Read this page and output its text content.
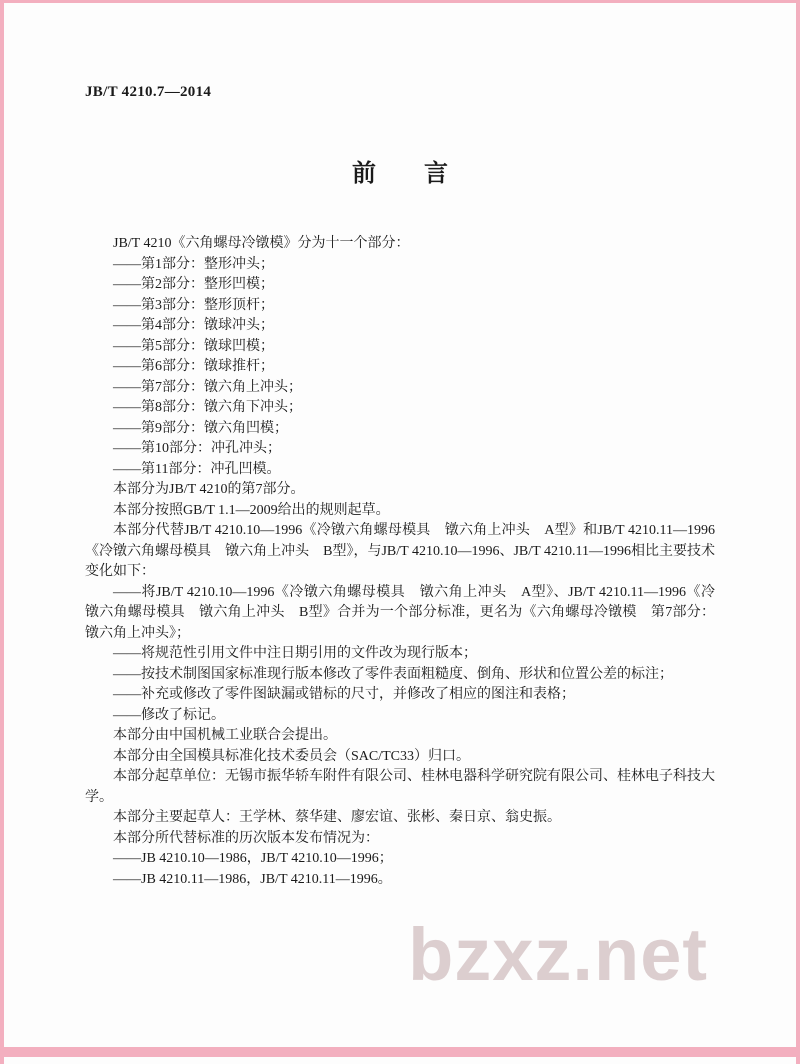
JB/T 4210.7—2014
前　　言

JB/T 4210《六角螺母冷镦模》分为十一个部分：

——第1部分：整形冲头；

——第2部分：整形凹模；

——第3部分：整形顶杆；

——第4部分：镦球冲头；

——第5部分：镦球凹模；

——第6部分：镦球推杆；

——第7部分：镦六角上冲头；

——第8部分：镦六角下冲头；

——第9部分：镦六角凹模；

——第10部分：冲孔冲头；

——第11部分：冲孔凹模。

本部分为JB/T 4210的第7部分。

本部分按照GB/T 1.1—2009给出的规则起草。

本部分代替JB/T 4210.10—1996《冷镦六角螺母模具　镦六角上冲头　A型》和JB/T 4210.11—1996《冷镦六角螺母模具　镦六角上冲头　B型》，与JB/T 4210.10—1996、JB/T 4210.11—1996相比主要技术变化如下：

——将JB/T 4210.10—1996《冷镦六角螺母模具　镦六角上冲头　A型》、JB/T 4210.11—1996《冷镦六角螺母模具　镦六角上冲头　B型》合并为一个部分标准，更名为《六角螺母冷镦模　第7部分：镦六角上冲头》；

——将规范性引用文件中注日期引用的文件改为现行版本；

——按技术制图国家标准现行版本修改了零件表面粗糙度、倒角、形状和位置公差的标注；

——补充或修改了零件图缺漏或错标的尺寸，并修改了相应的图注和表格；

——修改了标记。

本部分由中国机械工业联合会提出。

本部分由全国模具标准化技术委员会（SAC/TC33）归口。

本部分起草单位：无锡市振华轿车附件有限公司、桂林电器科学研究院有限公司、桂林电子科技大学。

本部分主要起草人：王学林、蔡华建、廖宏谊、张彬、秦日京、翁史振。

本部分所代替标准的历次版本发布情况为：

——JB 4210.10—1986，JB/T 4210.10—1996；

——JB 4210.11—1986，JB/T 4210.11—1996。

bzxz.net
